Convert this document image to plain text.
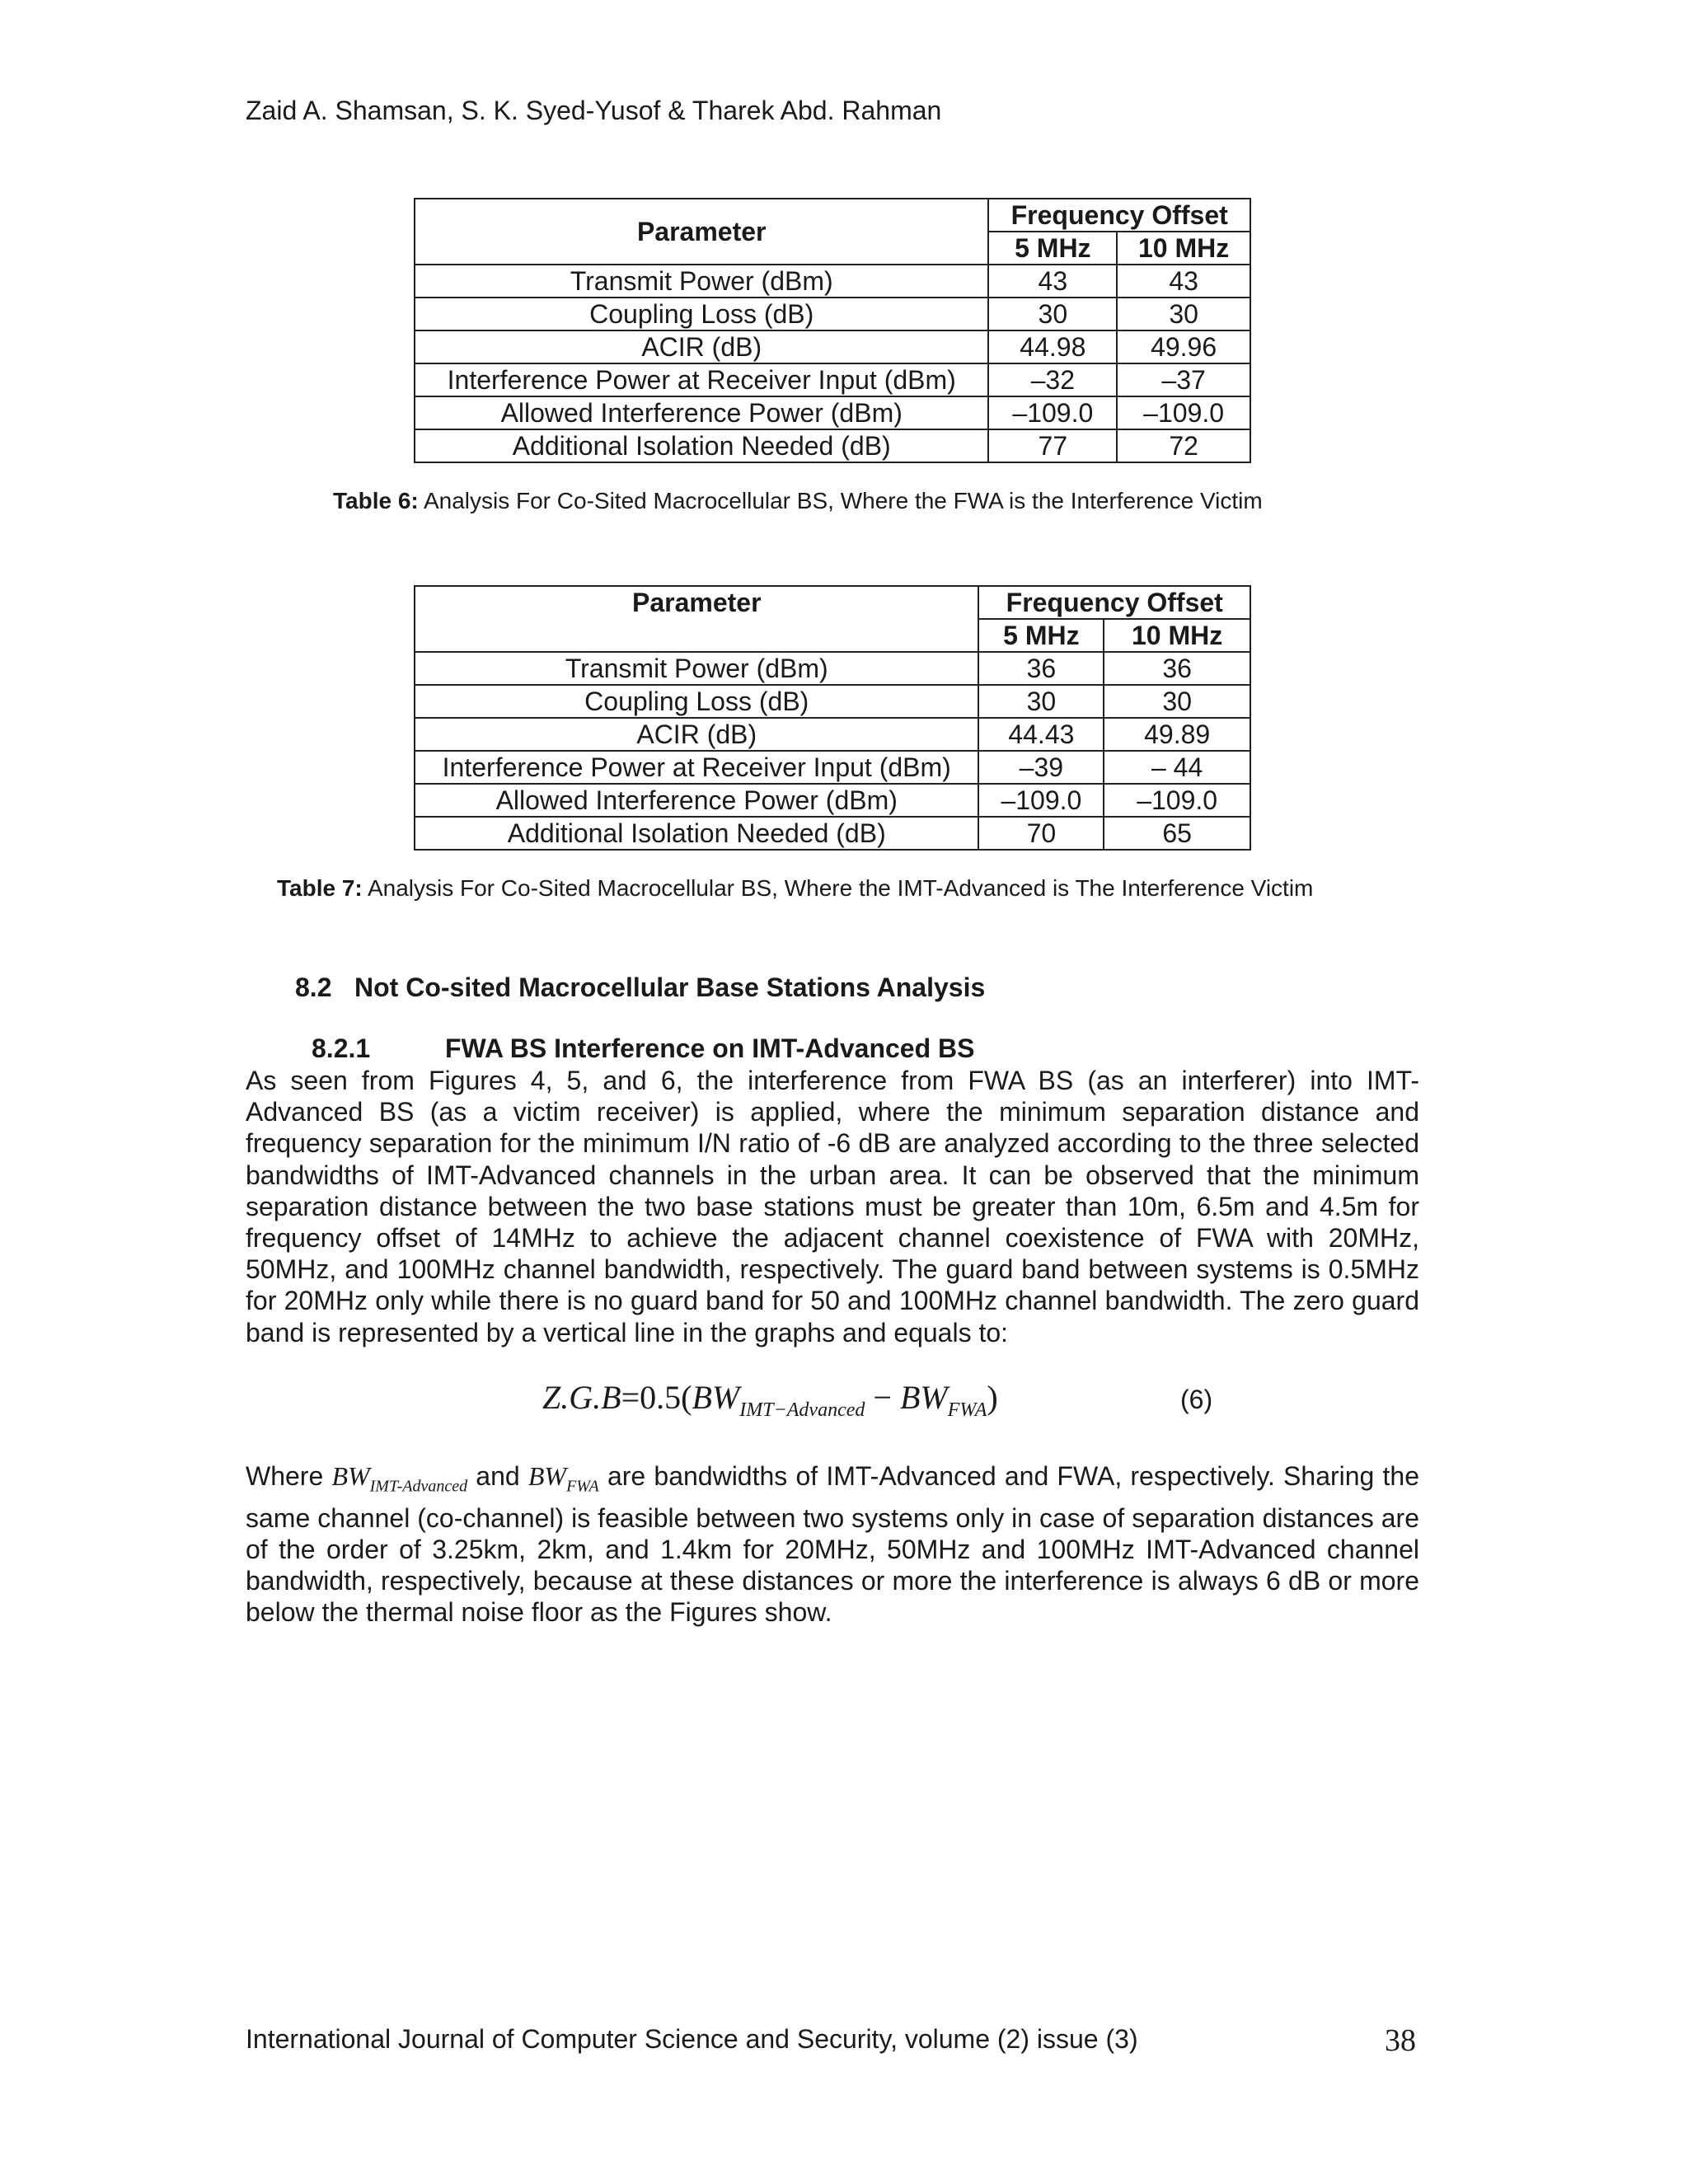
Zaid A. Shamsan, S. K. Syed-Yusof & Tharek Abd. Rahman
Parameter	Frequency Offset	
	5 MHz	10 MHz
Transmit Power (dBm)	43	43
Coupling Loss (dB)	30	30
ACIR (dB)	44.98	49.96
Interference Power at Receiver Input (dBm)	–32	–37
Allowed Interference Power (dBm)	–109.0	–109.0
Additional Isolation Needed (dB)	77	72
Table 6: Analysis For Co-Sited Macrocellular BS, Where the FWA is the Interference Victim
Parameter	Frequency Offset	
	5 MHz	10 MHz
Transmit Power (dBm)	36	36
Coupling Loss (dB)	30	30
ACIR (dB)	44.43	49.89
Interference Power at Receiver Input (dBm)	–39	– 44
Allowed Interference Power (dBm)	–109.0	–109.0
Additional Isolation Needed (dB)	70	65
Table 7: Analysis For Co-Sited Macrocellular BS, Where the IMT-Advanced is The Interference Victim
8.2 Not Co-sited Macrocellular Base Stations Analysis
8.2.1	FWA BS Interference on IMT-Advanced BS
As seen from Figures 4, 5, and 6, the interference from FWA BS (as an interferer) into IMT-Advanced BS (as a victim receiver) is applied, where the minimum separation distance and frequency separation for the minimum I/N ratio of -6 dB are analyzed according to the three selected bandwidths of IMT-Advanced channels in the urban area. It can be observed that the minimum separation distance between the two base stations must be greater than 10m, 6.5m and 4.5m for frequency offset of 14MHz to achieve the adjacent channel coexistence of FWA with 20MHz, 50MHz, and 100MHz channel bandwidth, respectively. The guard band between systems is 0.5MHz for 20MHz only while there is no guard band for 50 and 100MHz channel bandwidth. The zero guard band is represented by a vertical line in the graphs and equals to:
$Z.G.B=0.5(BW_{IMT-Advanced} - BW_{FWA})$	(6)
Where $BW_{IMT-Advanced}$ and $BW_{FWA}$ are bandwidths of IMT-Advanced and FWA, respectively. Sharing the same channel (co-channel) is feasible between two systems only in case of separation distances are of the order of 3.25km, 2km, and 1.4km for 20MHz, 50MHz and 100MHz IMT-Advanced channel bandwidth, respectively, because at these distances or more the interference is always 6 dB or more below the thermal noise floor as the Figures show.
International Journal of Computer Science and Security, volume (2) issue (3)	38
